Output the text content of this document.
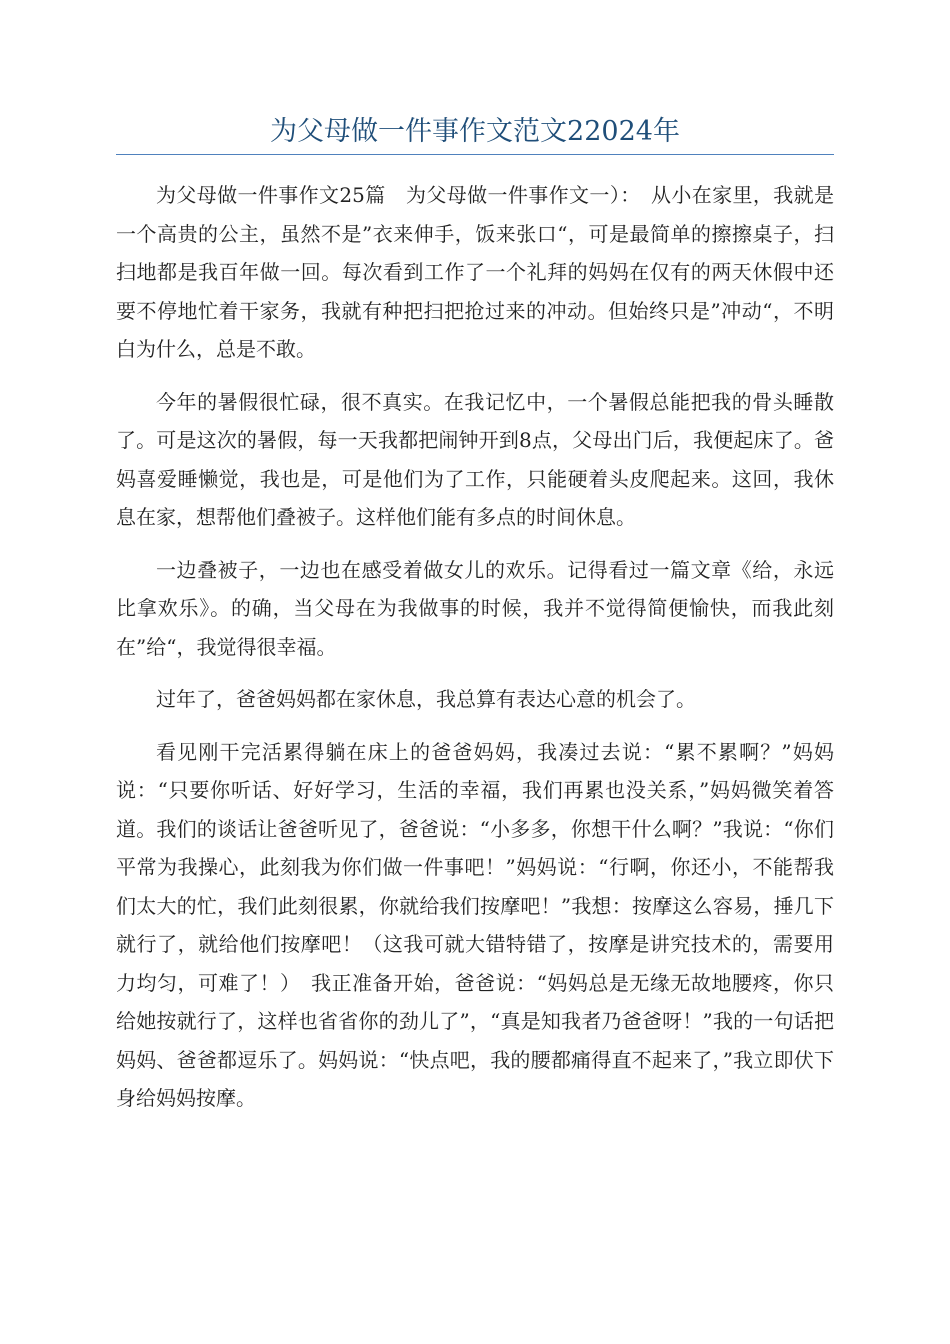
为父母做一件事作文范文22024年

为父母做一件事作文25篇　为父母做一件事作文一）：　从小在家里，我就是一个高贵的公主，虽然不是”衣来伸手，饭来张口“，可是最简单的擦擦桌子，扫扫地都是我百年做一回。每次看到工作了一个礼拜的妈妈在仅有的两天休假中还要不停地忙着干家务，我就有种把扫把抢过来的冲动。但始终只是”冲动“，不明白为什么，总是不敢。

今年的暑假很忙碌，很不真实。在我记忆中，一个暑假总能把我的骨头睡散了。可是这次的暑假，每一天我都把闹钟开到8点，父母出门后，我便起床了。爸妈喜爱睡懒觉，我也是，可是他们为了工作，只能硬着头皮爬起来。这回，我休息在家，想帮他们叠被子。这样他们能有多点的时间休息。

一边叠被子，一边也在感受着做女儿的欢乐。记得看过一篇文章《给，永远比拿欢乐》。的确，当父母在为我做事的时候，我并不觉得简便愉快，而我此刻在”给“，我觉得很幸福。

过年了，爸爸妈妈都在家休息，我总算有表达心意的机会了。

看见刚干完活累得躺在床上的爸爸妈妈，我凑过去说：“累不累啊？”妈妈说：“只要你听话、好好学习，生活的幸福，我们再累也没关系，”妈妈微笑着答道。我们的谈话让爸爸听见了，爸爸说：“小多多，你想干什么啊？”我说：“你们平常为我操心，此刻我为你们做一件事吧！”妈妈说：“行啊，你还小，不能帮我们太大的忙，我们此刻很累，你就给我们按摩吧！”我想：按摩这么容易，捶几下就行了，就给他们按摩吧！（这我可就大错特错了，按摩是讲究技术的，需要用力均匀，可难了！）　我正准备开始，爸爸说：“妈妈总是无缘无故地腰疼，你只给她按就行了，这样也省省你的劲儿了”，“真是知我者乃爸爸呀！”我的一句话把妈妈、爸爸都逗乐了。妈妈说：“快点吧，我的腰都痛得直不起来了，”我立即伏下身给妈妈按摩。
